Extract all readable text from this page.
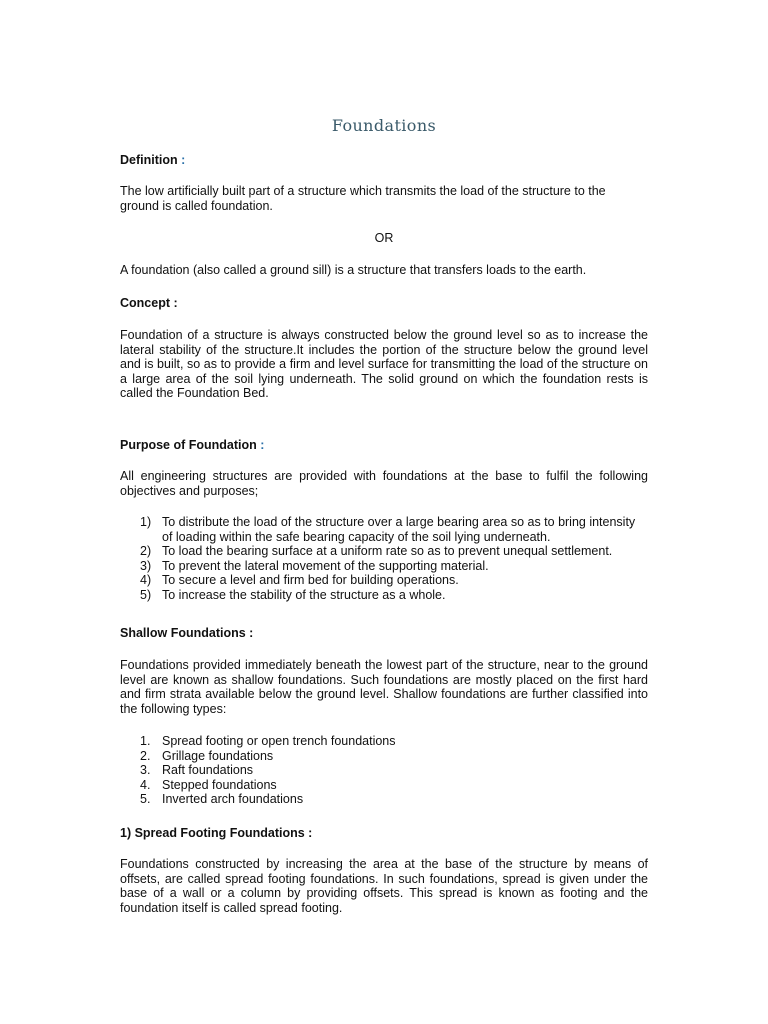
Foundations
Definition :
The low artificially built part of a structure which transmits the load of the structure to the ground is called foundation.
OR
A foundation (also called a ground sill) is a structure that transfers loads to the earth.
Concept :
Foundation of a structure is always constructed below the ground level so as to increase the lateral stability of the structure.It includes the portion of the structure below the ground level and is built, so as to provide a firm and level surface for transmitting the load of the structure on a large area of the soil lying underneath. The solid ground on which the foundation rests is called the Foundation Bed.
Purpose of Foundation :
All engineering structures are provided with foundations at the base to fulfil the following objectives and purposes;
1) To distribute the load of the structure over a large bearing area so as to bring intensity of loading within the safe bearing capacity of the soil lying underneath.
2) To load the bearing surface at a uniform rate so as to prevent unequal settlement.
3) To prevent the lateral movement of the supporting material.
4) To secure a level and firm bed for building operations.
5) To increase the stability of the structure as a whole.
Shallow Foundations :
Foundations provided immediately beneath the lowest part of the structure, near to the ground level are known as shallow foundations. Such foundations are mostly placed on the first hard and firm strata available below the ground level. Shallow foundations are further classified into the following types:
1. Spread footing or open trench foundations
2. Grillage foundations
3. Raft foundations
4. Stepped foundations
5. Inverted arch foundations
1) Spread Footing Foundations :
Foundations constructed by increasing the area at the base of the structure by means of offsets, are called spread footing foundations. In such foundations, spread is given under the base of a wall or a column by providing offsets. This spread is known as footing and the foundation itself is called spread footing.
